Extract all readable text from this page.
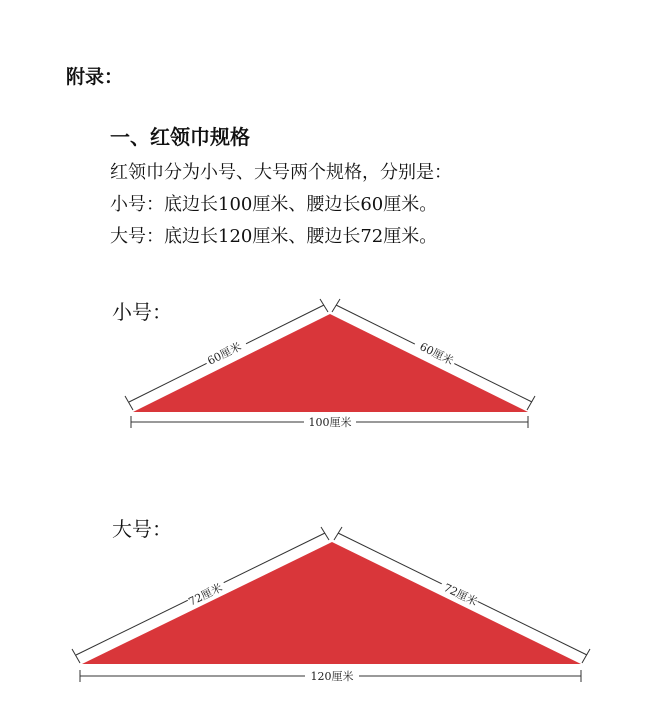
附录：
一、红领巾规格
红领巾分为小号、大号两个规格，分别是：
小号：底边长100厘米、腰边长60厘米。
大号：底边长120厘米、腰边长72厘米。
小号：
大号：
100厘米
60厘米	60厘米
120厘米
72厘米	72厘米
